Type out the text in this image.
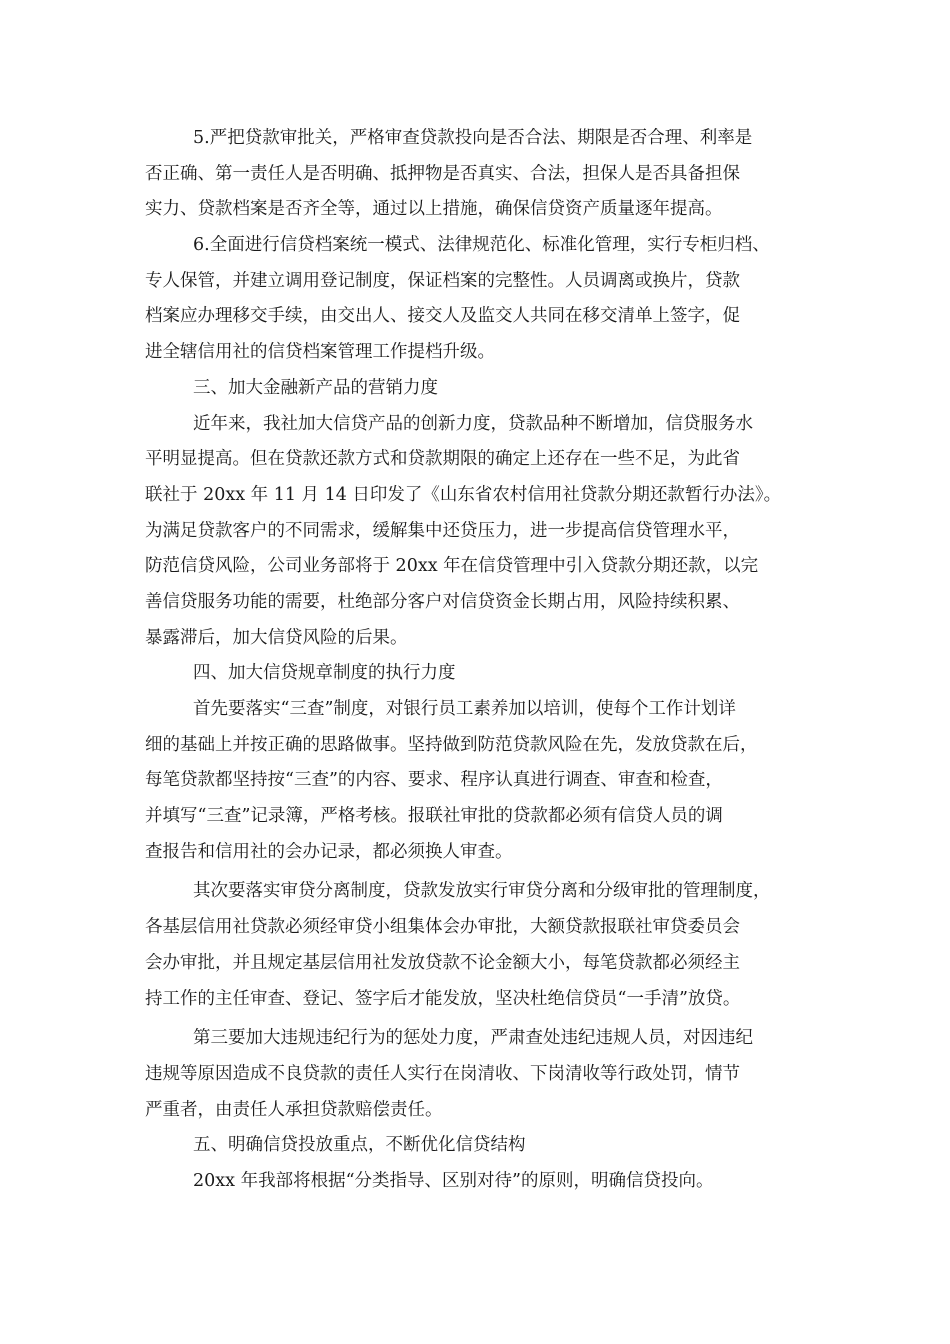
5.严把贷款审批关，严格审查贷款投向是否合法、期限是否合理、利率是
否正确、第一责任人是否明确、抵押物是否真实、合法，担保人是否具备担保
实力、贷款档案是否齐全等，通过以上措施，确保信贷资产质量逐年提高。
6.全面进行信贷档案统一模式、法律规范化、标准化管理，实行专柜归档、
专人保管，并建立调用登记制度，保证档案的完整性。人员调离或换片，贷款
档案应办理移交手续，由交出人、接交人及监交人共同在移交清单上签字，促
进全辖信用社的信贷档案管理工作提档升级。
三、加大金融新产品的营销力度
近年来，我社加大信贷产品的创新力度，贷款品种不断增加，信贷服务水
平明显提高。但在贷款还款方式和贷款期限的确定上还存在一些不足，为此省
联社于 20xx 年 11 月 14 日印发了《山东省农村信用社贷款分期还款暂行办法》。
为满足贷款客户的不同需求，缓解集中还贷压力，进一步提高信贷管理水平，
防范信贷风险，公司业务部将于 20xx 年在信贷管理中引入贷款分期还款，以完
善信贷服务功能的需要，杜绝部分客户对信贷资金长期占用，风险持续积累、
暴露滞后，加大信贷风险的后果。
四、加大信贷规章制度的执行力度
首先要落实“三查”制度，对银行员工素养加以培训，使每个工作计划详
细的基础上并按正确的思路做事。坚持做到防范贷款风险在先，发放贷款在后，
每笔贷款都坚持按“三查”的内容、要求、程序认真进行调查、审查和检查，
并填写“三查”记录簿，严格考核。报联社审批的贷款都必须有信贷人员的调
查报告和信用社的会办记录，都必须换人审查。
其次要落实审贷分离制度，贷款发放实行审贷分离和分级审批的管理制度，
各基层信用社贷款必须经审贷小组集体会办审批，大额贷款报联社审贷委员会
会办审批，并且规定基层信用社发放贷款不论金额大小，每笔贷款都必须经主
持工作的主任审查、登记、签字后才能发放，坚决杜绝信贷员“一手清”放贷。
第三要加大违规违纪行为的惩处力度，严肃查处违纪违规人员，对因违纪
违规等原因造成不良贷款的责任人实行在岗清收、下岗清收等行政处罚，情节
严重者，由责任人承担贷款赔偿责任。
五、明确信贷投放重点，不断优化信贷结构
20xx 年我部将根据“分类指导、区别对待”的原则，明确信贷投向。
